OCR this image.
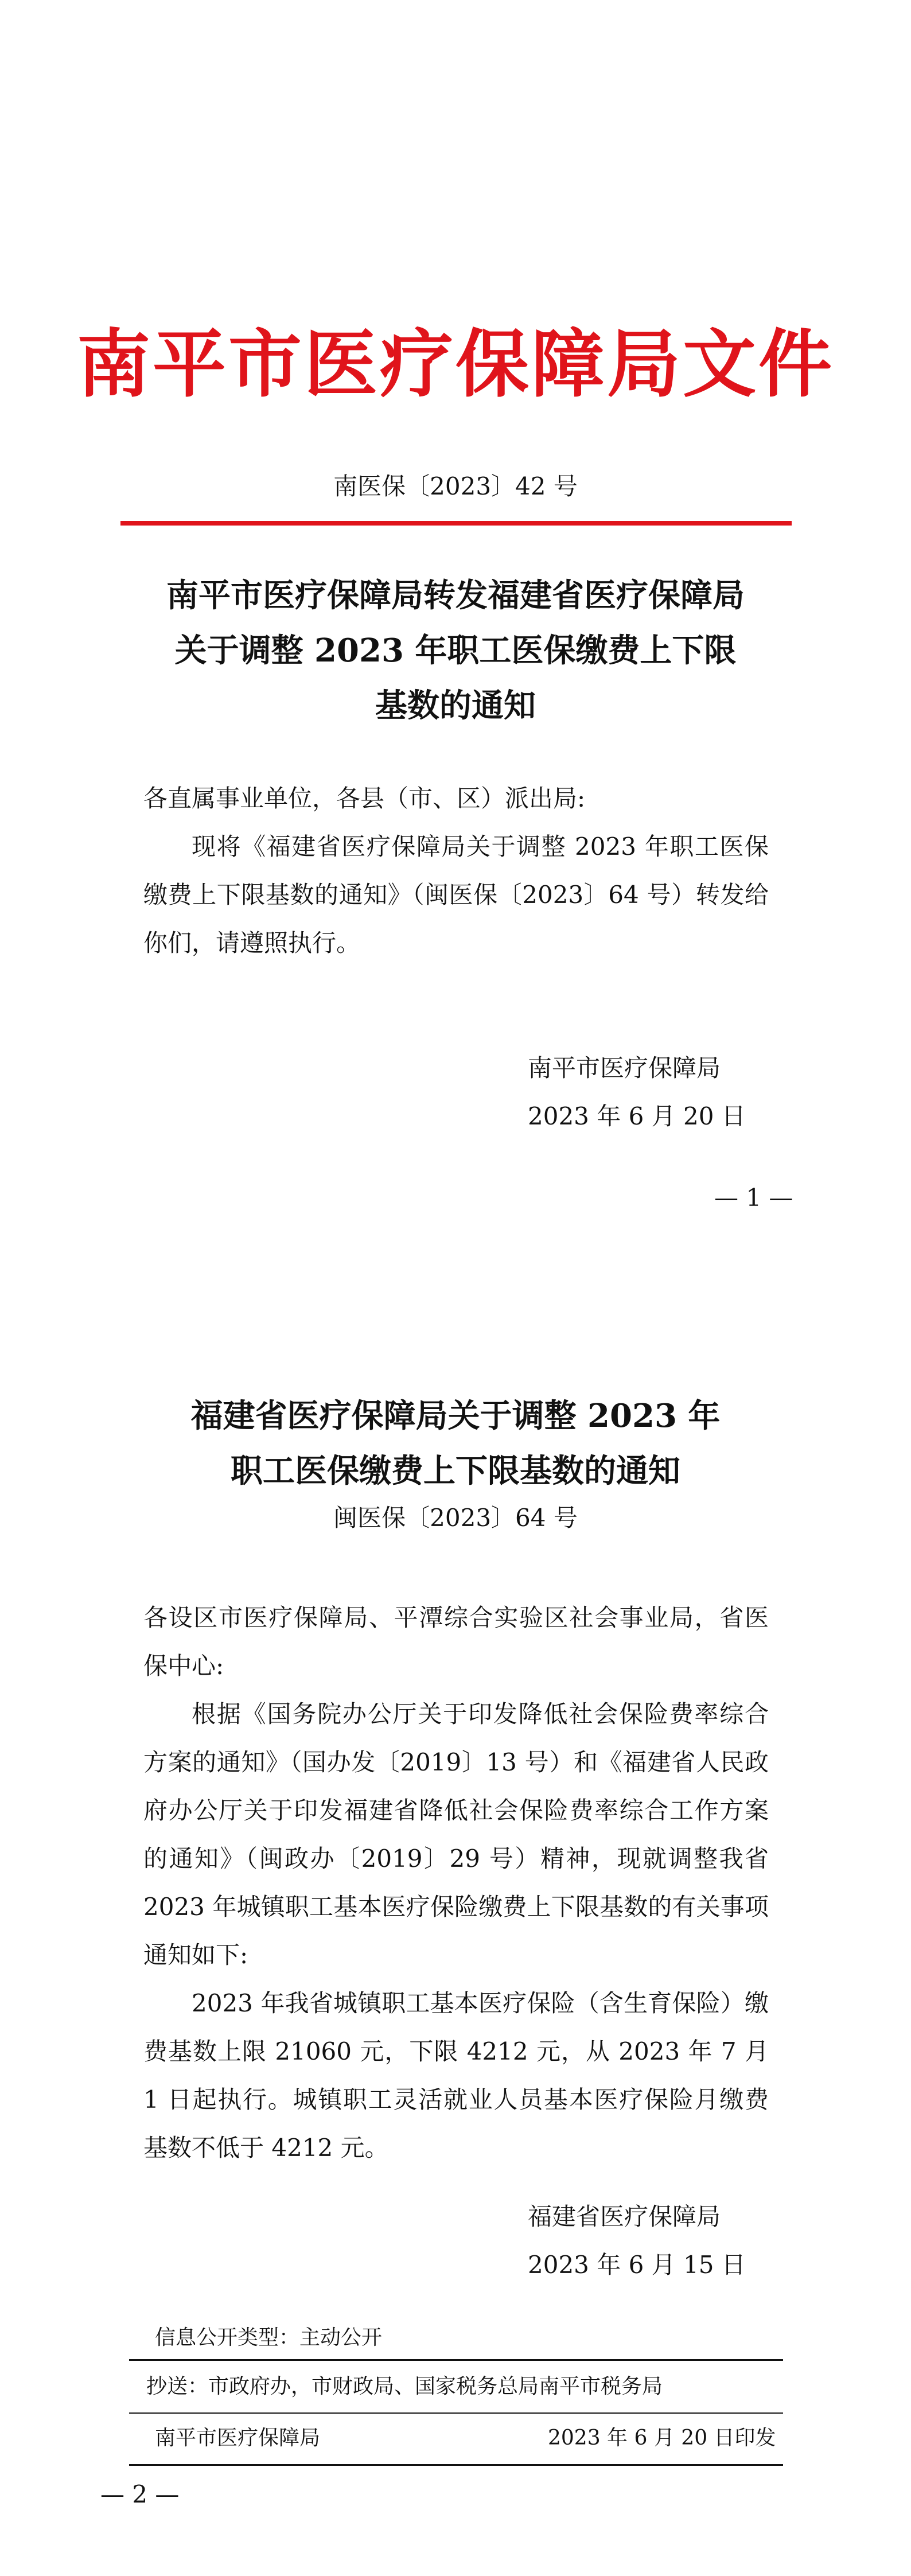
南平市医疗保障局文件
南医保〔2023〕42 号
南平市医疗保障局转发福建省医疗保障局
关于调整 2023 年职工医保缴费上下限
基数的通知
各直属事业单位，各县（市、区）派出局:
现将《福建省医疗保障局关于调整 2023 年职工医保缴费上下限基数的通知》（闽医保〔2023〕64 号）转发给你们，请遵照执行。
南平市医疗保障局
2023 年 6 月 20 日
— 1 —
福建省医疗保障局关于调整 2023 年
职工医保缴费上下限基数的通知
闽医保〔2023〕64 号
各设区市医疗保障局、平潭综合实验区社会事业局，省医保中心:
根据《国务院办公厅关于印发降低社会保险费率综合方案的通知》（国办发〔2019〕13 号）和《福建省人民政府办公厅关于印发福建省降低社会保险费率综合工作方案的通知》（闽政办〔2019〕29 号）精神，现就调整我省 2023 年城镇职工基本医疗保险缴费上下限基数的有关事项通知如下:
2023 年我省城镇职工基本医疗保险（含生育保险）缴费基数上限 21060 元，下限 4212 元，从 2023 年 7 月 1 日起执行。城镇职工灵活就业人员基本医疗保险月缴费基数不低于 4212 元。
福建省医疗保障局
2023 年 6 月 15 日
信息公开类型：主动公开
抄送：市政府办，市财政局、国家税务总局南平市税务局
南平市医疗保障局	2023 年 6 月 20 日印发
— 2 —
